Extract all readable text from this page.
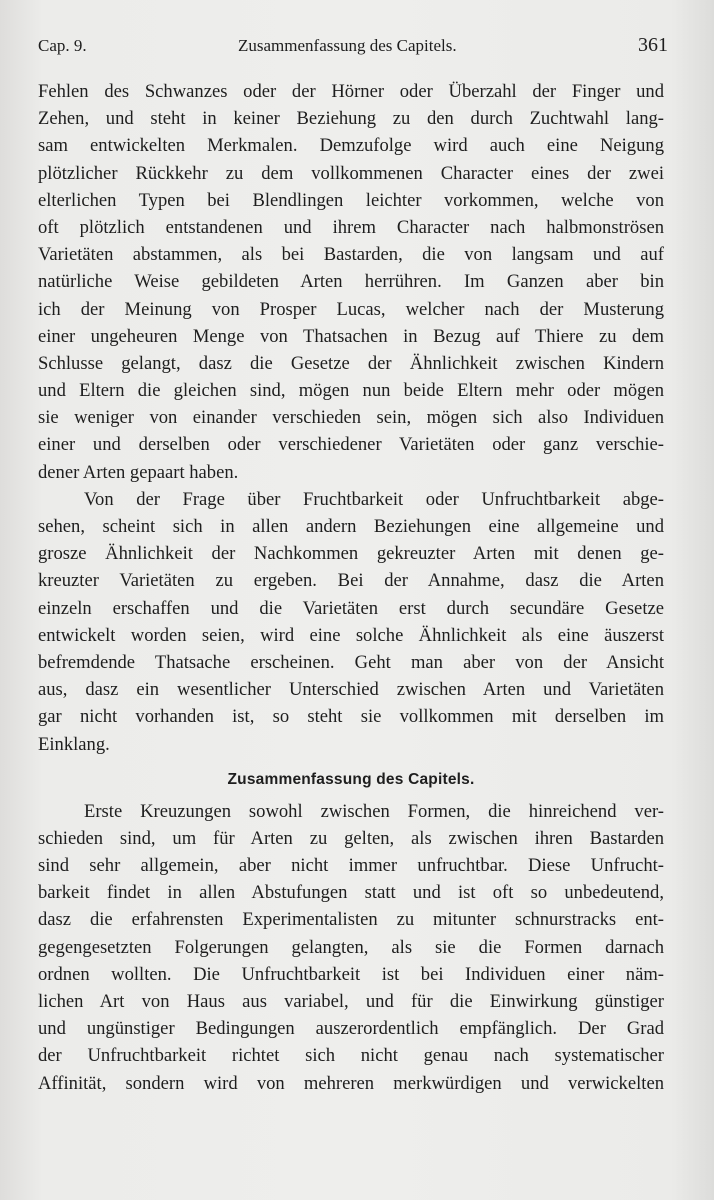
Cap. 9.	Zusammenfassung des Capitels.	361
Fehlen des Schwanzes oder der Hörner oder Überzahl der Finger und
Zehen, und steht in keiner Beziehung zu den durch Zuchtwahl lang-
sam entwickelten Merkmalen. Demzufolge wird auch eine Neigung
plötzlicher Rückkehr zu dem vollkommenen Character eines der zwei
elterlichen Typen bei Blendlingen leichter vorkommen, welche von
oft plötzlich entstandenen und ihrem Character nach halbmonströsen
Varietäten abstammen, als bei Bastarden, die von langsam und auf
natürliche Weise gebildeten Arten herrühren. Im Ganzen aber bin
ich der Meinung von Prosper Lucas, welcher nach der Musterung
einer ungeheuren Menge von Thatsachen in Bezug auf Thiere zu dem
Schlusse gelangt, dasz die Gesetze der Ähnlichkeit zwischen Kindern
und Eltern die gleichen sind, mögen nun beide Eltern mehr oder mögen
sie weniger von einander verschieden sein, mögen sich also Individuen
einer und derselben oder verschiedener Varietäten oder ganz verschie-
dener Arten gepaart haben.
Von der Frage über Fruchtbarkeit oder Unfruchtbarkeit abge-
sehen, scheint sich in allen andern Beziehungen eine allgemeine und
grosze Ähnlichkeit der Nachkommen gekreuzter Arten mit denen ge-
kreuzter Varietäten zu ergeben. Bei der Annahme, dasz die Arten
einzeln erschaffen und die Varietäten erst durch secundäre Gesetze
entwickelt worden seien, wird eine solche Ähnlichkeit als eine äuszerst
befremdende Thatsache erscheinen. Geht man aber von der Ansicht
aus, dasz ein wesentlicher Unterschied zwischen Arten und Varietäten
gar nicht vorhanden ist, so steht sie vollkommen mit derselben im
Einklang.
Zusammenfassung des Capitels.
Erste Kreuzungen sowohl zwischen Formen, die hinreichend ver-
schieden sind, um für Arten zu gelten, als zwischen ihren Bastarden
sind sehr allgemein, aber nicht immer unfruchtbar. Diese Unfrucht-
barkeit findet in allen Abstufungen statt und ist oft so unbedeutend,
dasz die erfahrensten Experimentalisten zu mitunter schnurstracks ent-
gegengesetzten Folgerungen gelangten, als sie die Formen darnach
ordnen wollten. Die Unfruchtbarkeit ist bei Individuen einer näm-
lichen Art von Haus aus variabel, und für die Einwirkung günstiger
und ungünstiger Bedingungen auszerordentlich empfänglich. Der Grad
der Unfruchtbarkeit richtet sich nicht genau nach systematischer
Affinität, sondern wird von mehreren merkwürdigen und verwickelten
